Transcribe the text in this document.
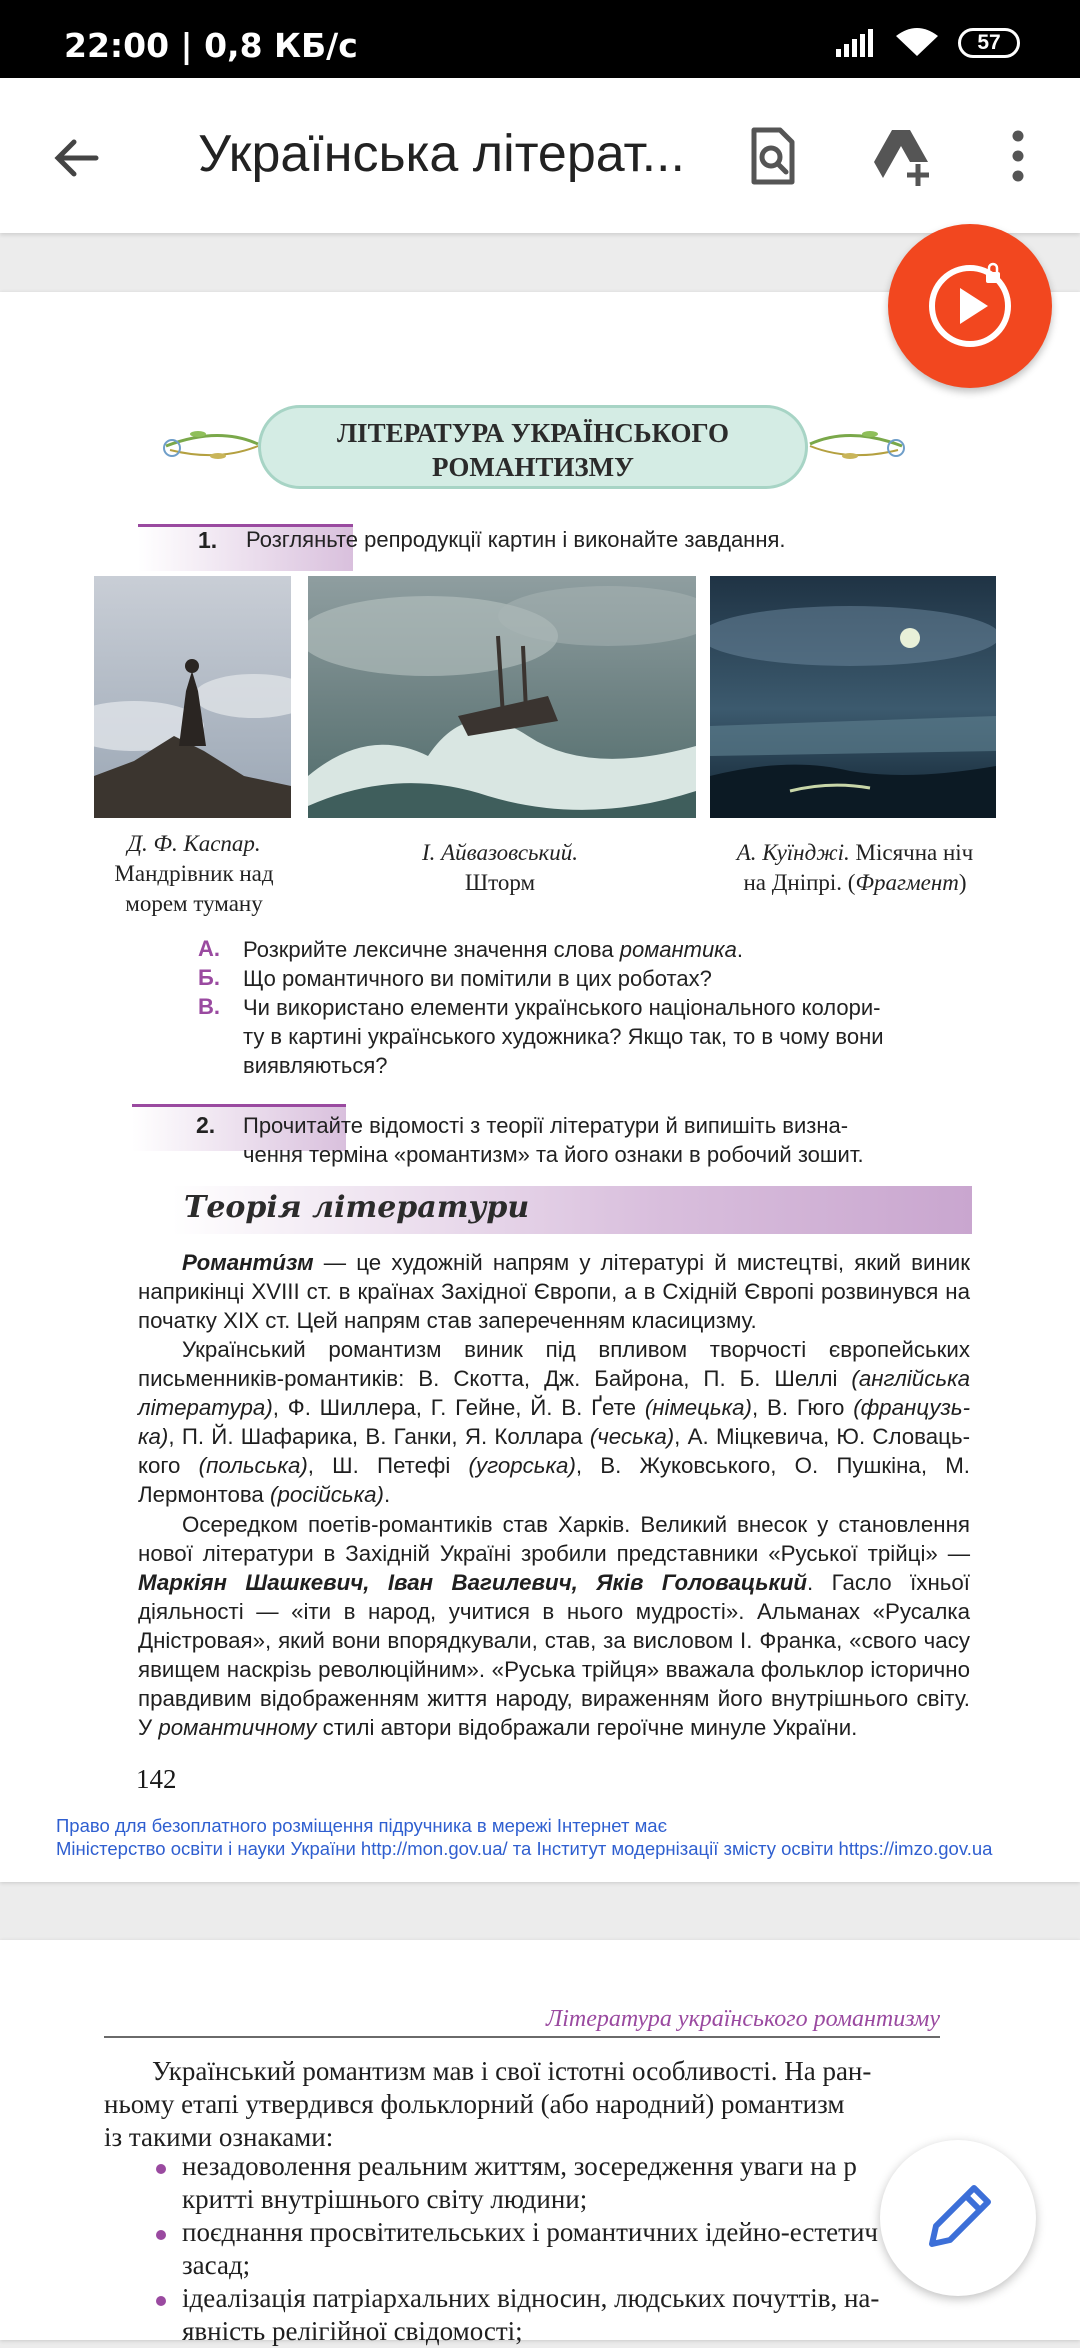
22:00 | 0,8 КБ/с	57
Українська літерат...
ЛІТЕРАТУРА УКРАЇНСЬКОГО
РОМАНТИЗМУ
1. Розгляньте репродукції картин і виконайте завдання.
Д. Ф. Каспар.
Мандрівник над
морем туману
І. Айвазовський.
Шторм
А. Куїнджі. Місячна ніч
на Дніпрі. (Фрагмент)
А. Розкрийте лексичне значення слова романтика.
Б. Що романтичного ви помітили в цих роботах?
В. Чи використано елементи українського національного колори-
ту в картині українського художника? Якщо так, то в чому вони
виявляються?
2. Прочитайте відомості з теорії літератури й випишіть визна-
чення терміна «романтизм» та його ознаки в робочий зошит.
Теорія літератури
Романти́зм — це художній напрям у літературі й мистецтві, який виник наприкінці XVIII ст. в країнах Західної Європи, а в Східній Європі розвинувся на початку ХІХ ст. Цей напрям став запереченням класицизму.
Український романтизм виник під впливом творчості європейських письменників-романтиків: В. Скотта, Дж. Байрона, П. Б. Шеллі (англійська література), Ф. Шиллера, Г. Гейне, Й. В. Ґете (німецька), В. Гюго (французька), П. Й. Шафарика, В. Ганки, Я. Коллара (чеська), А. Міцкевича, Ю. Словацького (польська), Ш. Петефі (угорська), В. Жуковського, О. Пушкіна, М. Лермонтова (російська).
Осередком поетів-романтиків став Харків. Великий внесок у становлення нової літератури в Західній Україні зробили представники «Руської трійці» — Маркіян Шашкевич, Іван Вагилевич, Яків Головацький. Гасло їхньої діяльності — «іти в народ, учитися в нього мудрості». Альманах «Русалка Дністровая», який вони впорядкували, став, за висловом І. Франка, «свого часу явищем наскрізь революційним». «Руська трійця» вважала фольклор історично правдивим відображенням життя народу, вираженням його внутрішнього світу. У романтичному стилі автори відображали героїчне минуле України.
142
Право для безоплатного розміщення підручника в мережі Інтернет має
Міністерство освіти і науки України http://mon.gov.ua/ та Інститут модернізації змісту освіти https://imzo.gov.ua
Література українського романтизму
Український романтизм мав і свої істотні особливості. На ран-
ньому етапі утвердився фольклорний (або народний) романтизм
із такими ознаками:
незадоволення реальним життям, зосередження уваги на р
критті внутрішнього світу людини;
поєднання просвітительських і романтичних ідейно-естетич
засад;
ідеалізація патріархальних відносин, людських почуттів, на-
явність релігійної свідомості;
